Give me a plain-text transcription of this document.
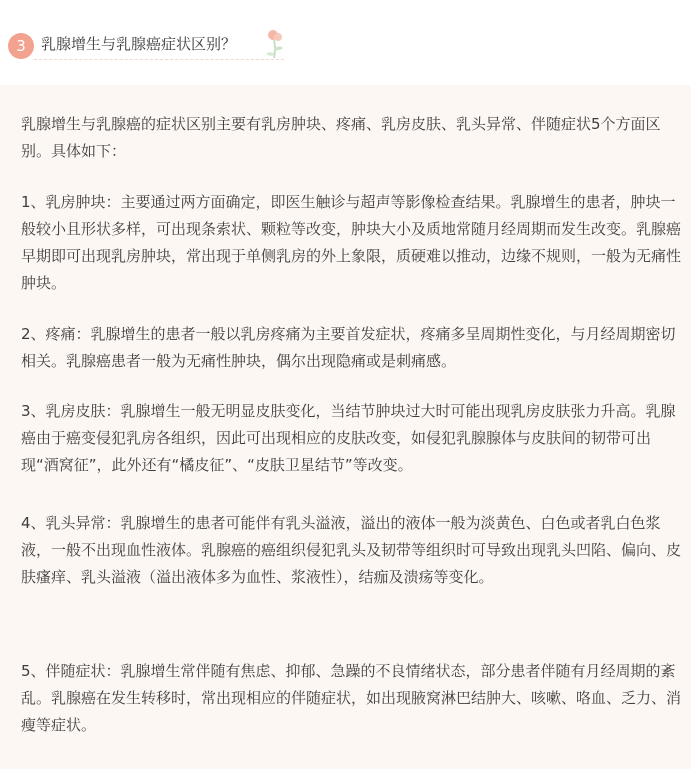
3	乳腺增生与乳腺癌症状区别？

乳腺增生与乳腺癌的症状区别主要有乳房肿块、疼痛、乳房皮肤、乳头异常、伴随症状5个方面区别。具体如下：

1、乳房肿块：主要通过两方面确定，即医生触诊与超声等影像检查结果。乳腺增生的患者，肿块一般较小且形状多样，可出现条索状、颗粒等改变，肿块大小及质地常随月经周期而发生改变。乳腺癌早期即可出现乳房肿块，常出现于单侧乳房的外上象限，质硬难以推动，边缘不规则，一般为无痛性肿块。

2、疼痛：乳腺增生的患者一般以乳房疼痛为主要首发症状，疼痛多呈周期性变化，与月经周期密切相关。乳腺癌患者一般为无痛性肿块，偶尔出现隐痛或是刺痛感。

3、乳房皮肤：乳腺增生一般无明显皮肤变化，当结节肿块过大时可能出现乳房皮肤张力升高。乳腺癌由于癌变侵犯乳房各组织，因此可出现相应的皮肤改变，如侵犯乳腺腺体与皮肤间的韧带可出现“酒窝征”，此外还有“橘皮征”、“皮肤卫星结节”等改变。

4、乳头异常：乳腺增生的患者可能伴有乳头溢液，溢出的液体一般为淡黄色、白色或者乳白色浆液，一般不出现血性液体。乳腺癌的癌组织侵犯乳头及韧带等组织时可导致出现乳头凹陷、偏向、皮肤瘙痒、乳头溢液（溢出液体多为血性、浆液性），结痂及溃疡等变化。

5、伴随症状：乳腺增生常伴随有焦虑、抑郁、急躁的不良情绪状态，部分患者伴随有月经周期的紊乱。乳腺癌在发生转移时，常出现相应的伴随症状，如出现腋窝淋巴结肿大、咳嗽、咯血、乏力、消瘦等症状。
